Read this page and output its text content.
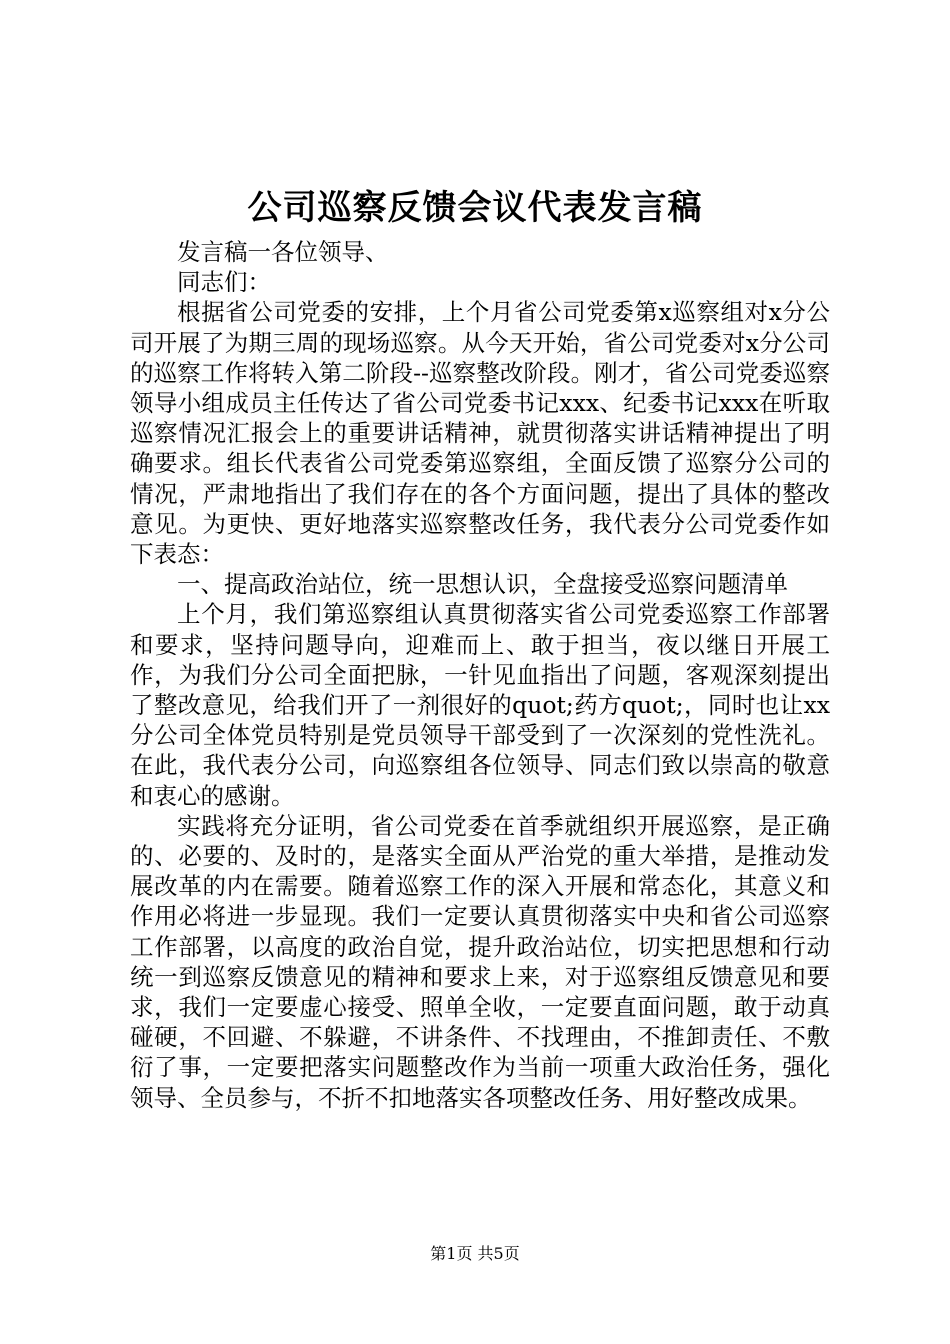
公司巡察反馈会议代表发言稿

发言稿一各位领导、

同志们：

根据省公司党委的安排，上个月省公司党委第x巡察组对x分公司开展了为期三周的现场巡察。从今天开始，省公司党委对x分公司的巡察工作将转入第二阶段--巡察整改阶段。刚才，省公司党委巡察领导小组成员主任传达了省公司党委书记xxx、纪委书记xxx在听取巡察情况汇报会上的重要讲话精神，就贯彻落实讲话精神提出了明确要求。组长代表省公司党委第巡察组，全面反馈了巡察分公司的情况，严肃地指出了我们存在的各个方面问题，提出了具体的整改意见。为更快、更好地落实巡察整改任务，我代表分公司党委作如下表态：

一、提高政治站位，统一思想认识，全盘接受巡察问题清单

上个月，我们第巡察组认真贯彻落实省公司党委巡察工作部署和要求，坚持问题导向，迎难而上、敢于担当，夜以继日开展工作，为我们分公司全面把脉，一针见血指出了问题，客观深刻提出了整改意见，给我们开了一剂很好的quot;药方quot;，同时也让xx分公司全体党员特别是党员领导干部受到了一次深刻的党性洗礼。在此，我代表分公司，向巡察组各位领导、同志们致以崇高的敬意和衷心的感谢。

实践将充分证明，省公司党委在首季就组织开展巡察，是正确的、必要的、及时的，是落实全面从严治党的重大举措，是推动发展改革的内在需要。随着巡察工作的深入开展和常态化，其意义和作用必将进一步显现。我们一定要认真贯彻落实中央和省公司巡察工作部署，以高度的政治自觉，提升政治站位，切实把思想和行动统一到巡察反馈意见的精神和要求上来，对于巡察组反馈意见和要求，我们一定要虚心接受、照单全收，一定要直面问题，敢于动真碰硬，不回避、不躲避，不讲条件、不找理由，不推卸责任、不敷衍了事，一定要把落实问题整改作为当前一项重大政治任务，强化领导、全员参与，不折不扣地落实各项整改任务、用好整改成果。

第1页 共5页
